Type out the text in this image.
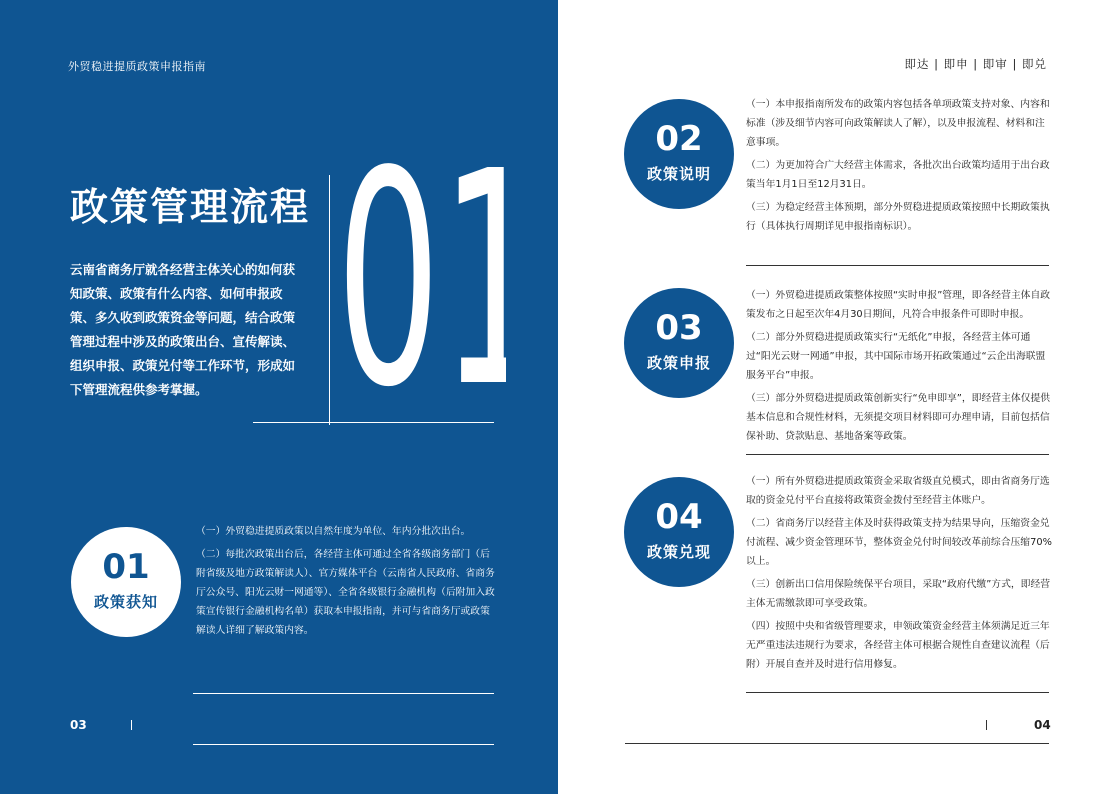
外贸稳进提质政策申报指南
政策管理流程
云南省商务厅就各经营主体关心的如何获知政策、政策有什么内容、如何申报政策、多久收到政策资金等问题，结合政策管理过程中涉及的政策出台、宣传解读、组织申报、政策兑付等工作环节，形成如下管理流程供参考掌握。
01
政策获知

（一）外贸稳进提质政策以自然年度为单位、年内分批次出台。

（二）每批次政策出台后，各经营主体可通过全省各级商务部门（后附省级及地方政策解读人）、官方媒体平台（云南省人民政府、省商务厅公众号、阳光云财一网通等）、全省各级银行金融机构（后附加入政策宣传银行金融机构名单）获取本申报指南，并可与省商务厅或政策解读人详细了解政策内容。

03
即达 | 即申 | 即审 | 即兑
02
政策说明

（一）本申报指南所发布的政策内容包括各单项政策支持对象、内容和标准（涉及细节内容可向政策解读人了解），以及申报流程、材料和注意事项。

（二）为更加符合广大经营主体需求，各批次出台政策均适用于出台政策当年1月1日至12月31日。

（三）为稳定经营主体预期，部分外贸稳进提质政策按照中长期政策执行（具体执行周期详见申报指南标识）。

03
政策申报

（一）外贸稳进提质政策整体按照“实时申报”管理，即各经营主体自政策发布之日起至次年4月30日期间，凡符合申报条件可即时申报。

（二）部分外贸稳进提质政策实行“无纸化”申报，各经营主体可通过“阳光云财一网通”申报，其中国际市场开拓政策通过“云企出海联盟服务平台”申报。

（三）部分外贸稳进提质政策创新实行“免申即享”，即经营主体仅提供基本信息和合规性材料，无须提交项目材料即可办理申请，目前包括信保补助、贷款贴息、基地备案等政策。

04
政策兑现

（一）所有外贸稳进提质政策资金采取省级直兑模式，即由省商务厅选取的资金兑付平台直接将政策资金拨付至经营主体账户。

（二）省商务厅以经营主体及时获得政策支持为结果导向，压缩资金兑付流程、减少资金管理环节，整体资金兑付时间较改革前综合压缩70%以上。

（三）创新出口信用保险统保平台项目，采取“政府代缴”方式，即经营主体无需缴款即可享受政策。

（四）按照中央和省级管理要求，申领政策资金经营主体须满足近三年无严重违法违规行为要求，各经营主体可根据合规性自查建议流程（后附）开展自查并及时进行信用修复。

04
